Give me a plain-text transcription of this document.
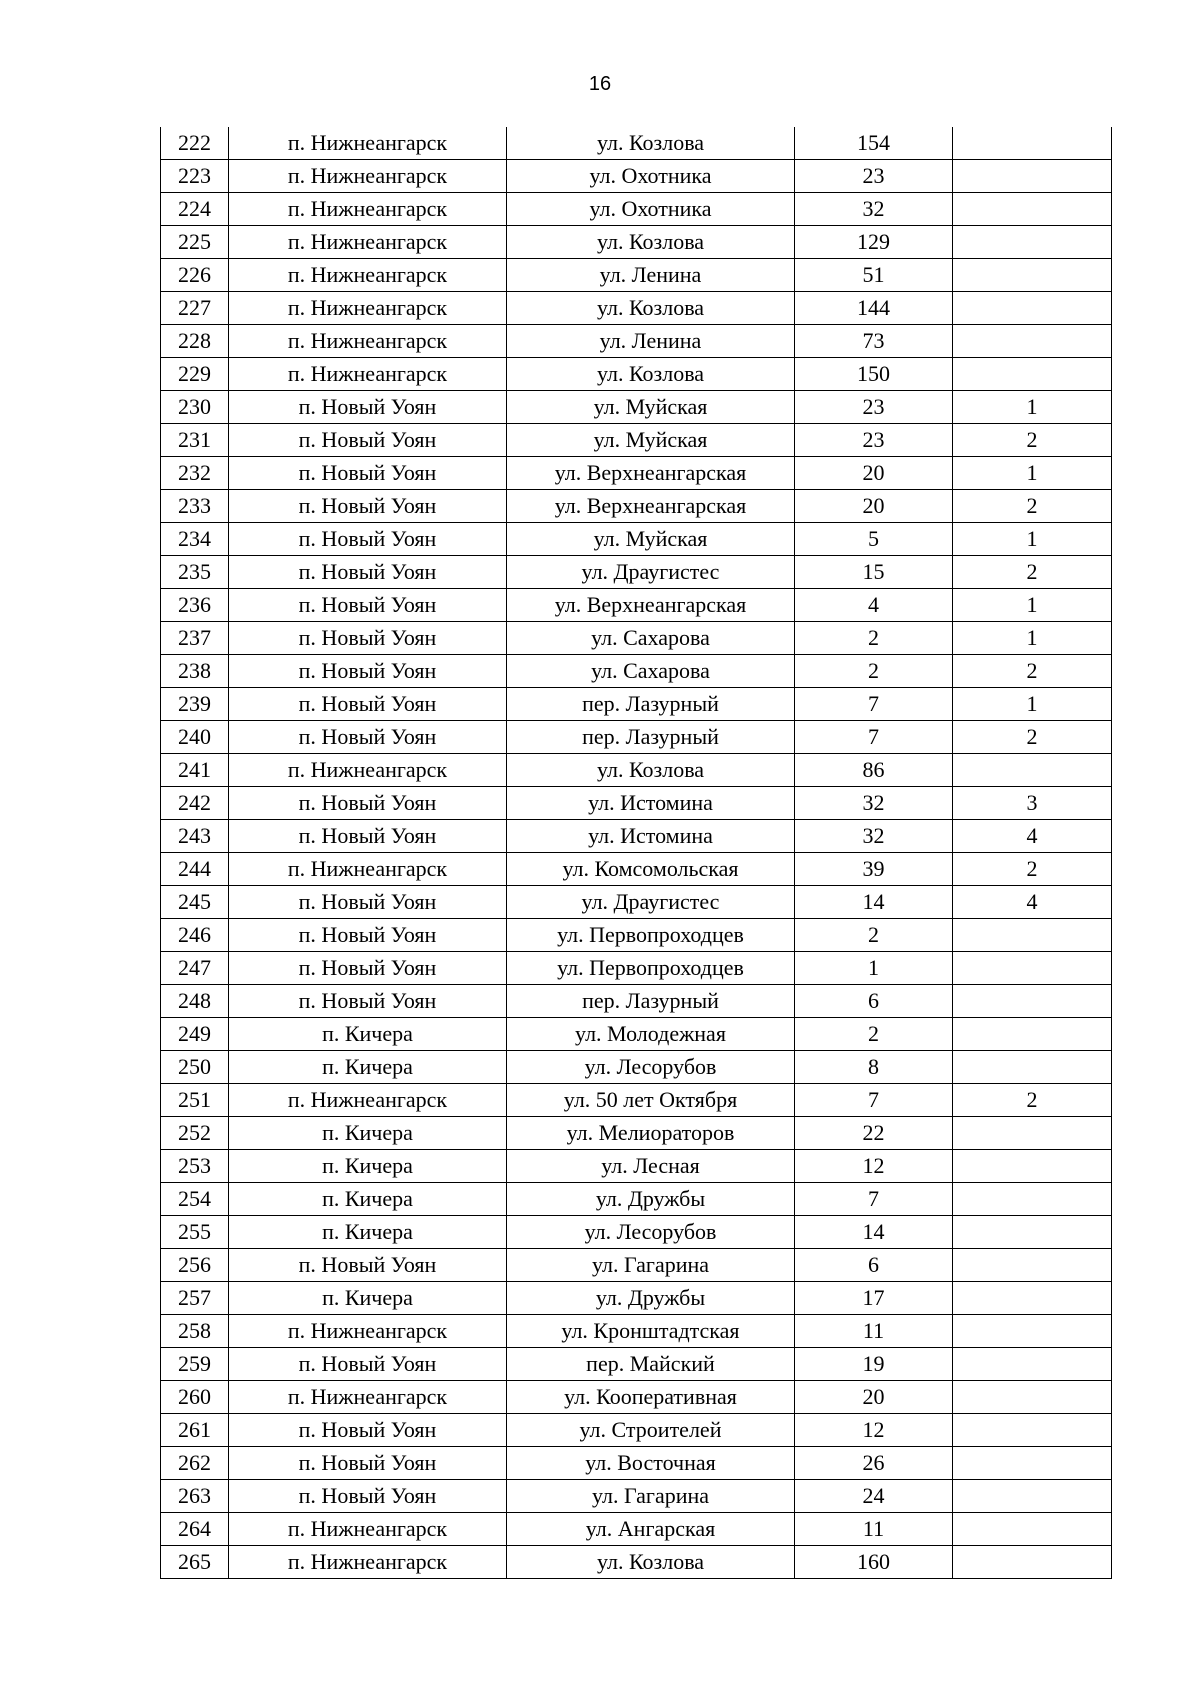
16
222	п. Нижнеангарск	ул. Козлова	154	
223	п. Нижнеангарск	ул. Охотника	23	
224	п. Нижнеангарск	ул. Охотника	32	
225	п. Нижнеангарск	ул. Козлова	129	
226	п. Нижнеангарск	ул. Ленина	51	
227	п. Нижнеангарск	ул. Козлова	144	
228	п. Нижнеангарск	ул. Ленина	73	
229	п. Нижнеангарск	ул. Козлова	150	
230	п. Новый Уоян	ул. Муйская	23	1
231	п. Новый Уоян	ул. Муйская	23	2
232	п. Новый Уоян	ул. Верхнеангарская	20	1
233	п. Новый Уоян	ул. Верхнеангарская	20	2
234	п. Новый Уоян	ул. Муйская	5	1
235	п. Новый Уоян	ул. Драугистес	15	2
236	п. Новый Уоян	ул. Верхнеангарская	4	1
237	п. Новый Уоян	ул. Сахарова	2	1
238	п. Новый Уоян	ул. Сахарова	2	2
239	п. Новый Уоян	пер. Лазурный	7	1
240	п. Новый Уоян	пер. Лазурный	7	2
241	п. Нижнеангарск	ул. Козлова	86	
242	п. Новый Уоян	ул. Истомина	32	3
243	п. Новый Уоян	ул. Истомина	32	4
244	п. Нижнеангарск	ул. Комсомольская	39	2
245	п. Новый Уоян	ул. Драугистес	14	4
246	п. Новый Уоян	ул. Первопроходцев	2	
247	п. Новый Уоян	ул. Первопроходцев	1	
248	п. Новый Уоян	пер. Лазурный	6	
249	п. Кичера	ул. Молодежная	2	
250	п. Кичера	ул. Лесорубов	8	
251	п. Нижнеангарск	ул. 50 лет Октября	7	2
252	п. Кичера	ул. Мелиораторов	22	
253	п. Кичера	ул. Лесная	12	
254	п. Кичера	ул. Дружбы	7	
255	п. Кичера	ул. Лесорубов	14	
256	п. Новый Уоян	ул. Гагарина	6	
257	п. Кичера	ул. Дружбы	17	
258	п. Нижнеангарск	ул. Кронштадтская	11	
259	п. Новый Уоян	пер. Майский	19	
260	п. Нижнеангарск	ул. Кооперативная	20	
261	п. Новый Уоян	ул. Строителей	12	
262	п. Новый Уоян	ул. Восточная	26	
263	п. Новый Уоян	ул. Гагарина	24	
264	п. Нижнеангарск	ул. Ангарская	11	
265	п. Нижнеангарск	ул. Козлова	160	
